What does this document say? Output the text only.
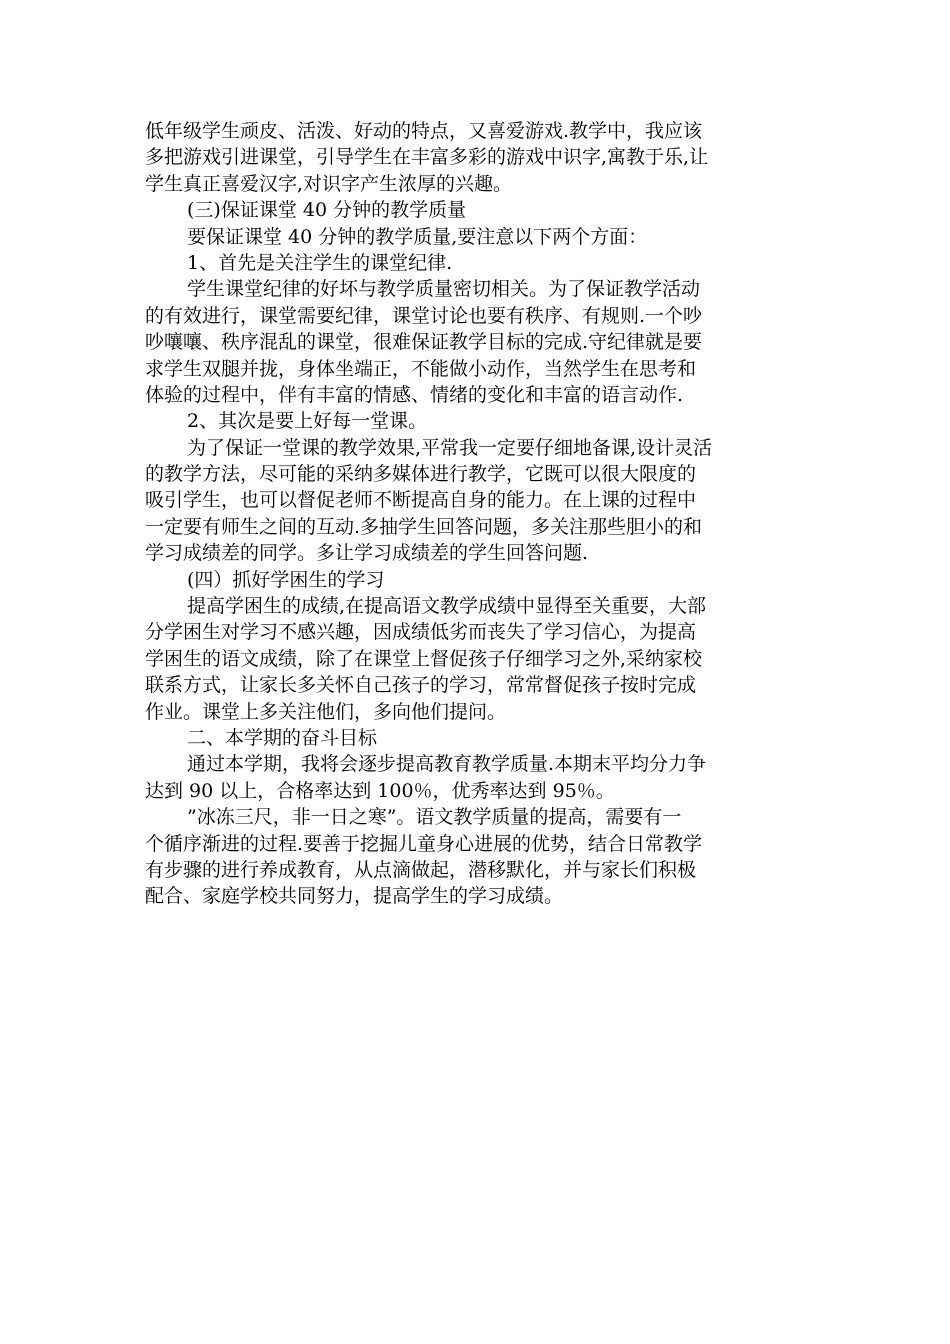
低年级学生顽皮、活泼、好动的特点，又喜爱游戏.教学中，我应该
多把游戏引进课堂，引导学生在丰富多彩的游戏中识字,寓教于乐,让
学生真正喜爱汉字,对识字产生浓厚的兴趣。
(三)保证课堂 40 分钟的教学质量
要保证课堂 40 分钟的教学质量,要注意以下两个方面：
1、首先是关注学生的课堂纪律.
学生课堂纪律的好坏与教学质量密切相关。为了保证教学活动
的有效进行，课堂需要纪律，课堂讨论也要有秩序、有规则.一个吵
吵嚷嚷、秩序混乱的课堂，很难保证教学目标的完成.守纪律就是要
求学生双腿并拢，身体坐端正，不能做小动作，当然学生在思考和
体验的过程中，伴有丰富的情感、情绪的变化和丰富的语言动作.
2、其次是要上好每一堂课。
为了保证一堂课的教学效果,平常我一定要仔细地备课,设计灵活
的教学方法，尽可能的采纳多媒体进行教学，它既可以很大限度的
吸引学生，也可以督促老师不断提高自身的能力。在上课的过程中
一定要有师生之间的互动.多抽学生回答问题，多关注那些胆小的和
学习成绩差的同学。多让学习成绩差的学生回答问题.
(四）抓好学困生的学习
提高学困生的成绩,在提高语文教学成绩中显得至关重要，大部
分学困生对学习不感兴趣，因成绩低劣而丧失了学习信心，为提高
学困生的语文成绩，除了在课堂上督促孩子仔细学习之外,采纳家校
联系方式，让家长多关怀自己孩子的学习，常常督促孩子按时完成
作业。课堂上多关注他们，多向他们提问。
二、本学期的奋斗目标
通过本学期，我将会逐步提高教育教学质量.本期末平均分力争
达到 90 以上，合格率达到 100％，优秀率达到 95％。
”冰冻三尺，非一日之寒”。语文教学质量的提高，需要有一
个循序渐进的过程.要善于挖掘儿童身心进展的优势，结合日常教学
有步骤的进行养成教育，从点滴做起，潜移默化，并与家长们积极
配合、家庭学校共同努力，提高学生的学习成绩。
